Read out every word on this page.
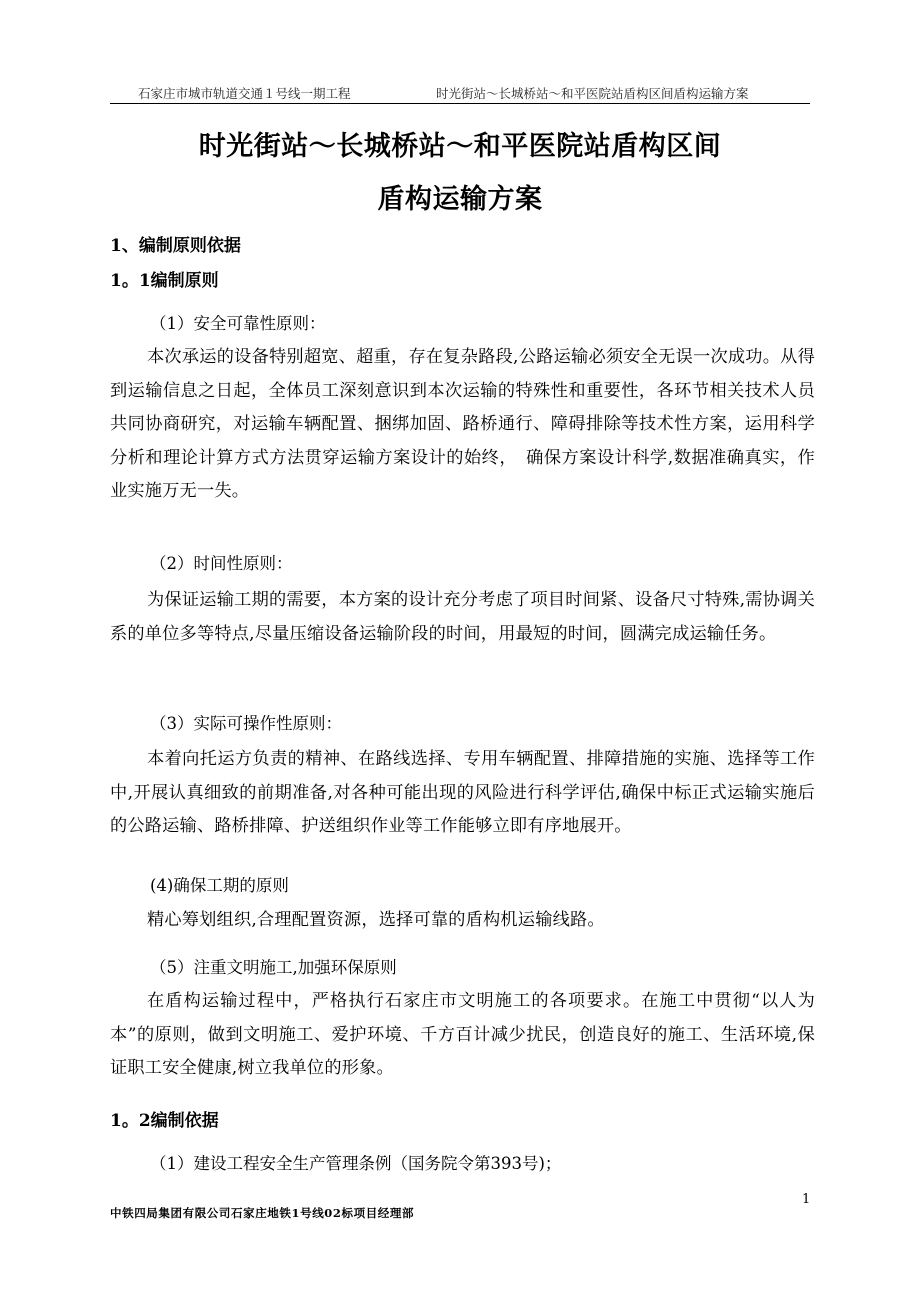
石家庄市城市轨道交通１号线一期工程	时光街站～长城桥站～和平医院站盾构区间盾构运输方案
时光街站～长城桥站～和平医院站盾构区间
盾构运输方案
1、编制原则依据
1。1编制原则
（1）安全可靠性原则：
本次承运的设备特别超宽、超重，存在复杂路段,公路运输必须安全无误一次成功。从得到运输信息之日起，全体员工深刻意识到本次运输的特殊性和重要性，各环节相关技术人员共同协商研究，对运输车辆配置、捆绑加固、路桥通行、障碍排除等技术性方案，运用科学分析和理论计算方式方法贯穿运输方案设计的始终，　确保方案设计科学,数据准确真实，作业实施万无一失。
（2）时间性原则：
为保证运输工期的需要，本方案的设计充分考虑了项目时间紧、设备尺寸特殊,需协调关系的单位多等特点,尽量压缩设备运输阶段的时间，用最短的时间，圆满完成运输任务。
（3）实际可操作性原则：
本着向托运方负责的精神、在路线选择、专用车辆配置、排障措施的实施、选择等工作中,开展认真细致的前期准备,对各种可能出现的风险进行科学评估,确保中标正式运输实施后的公路运输、路桥排障、护送组织作业等工作能够立即有序地展开。
(4)确保工期的原则
精心筹划组织,合理配置资源，选择可靠的盾构机运输线路。
（5）注重文明施工,加强环保原则
在盾构运输过程中，严格执行石家庄市文明施工的各项要求。在施工中贯彻“以人为本”的原则，做到文明施工、爱护环境、千方百计减少扰民，创造良好的施工、生活环境,保证职工安全健康,树立我单位的形象。
1。2编制依据
（1）建设工程安全生产管理条例（国务院令第393号)；
1
中铁四局集团有限公司石家庄地铁1号线02标项目经理部
